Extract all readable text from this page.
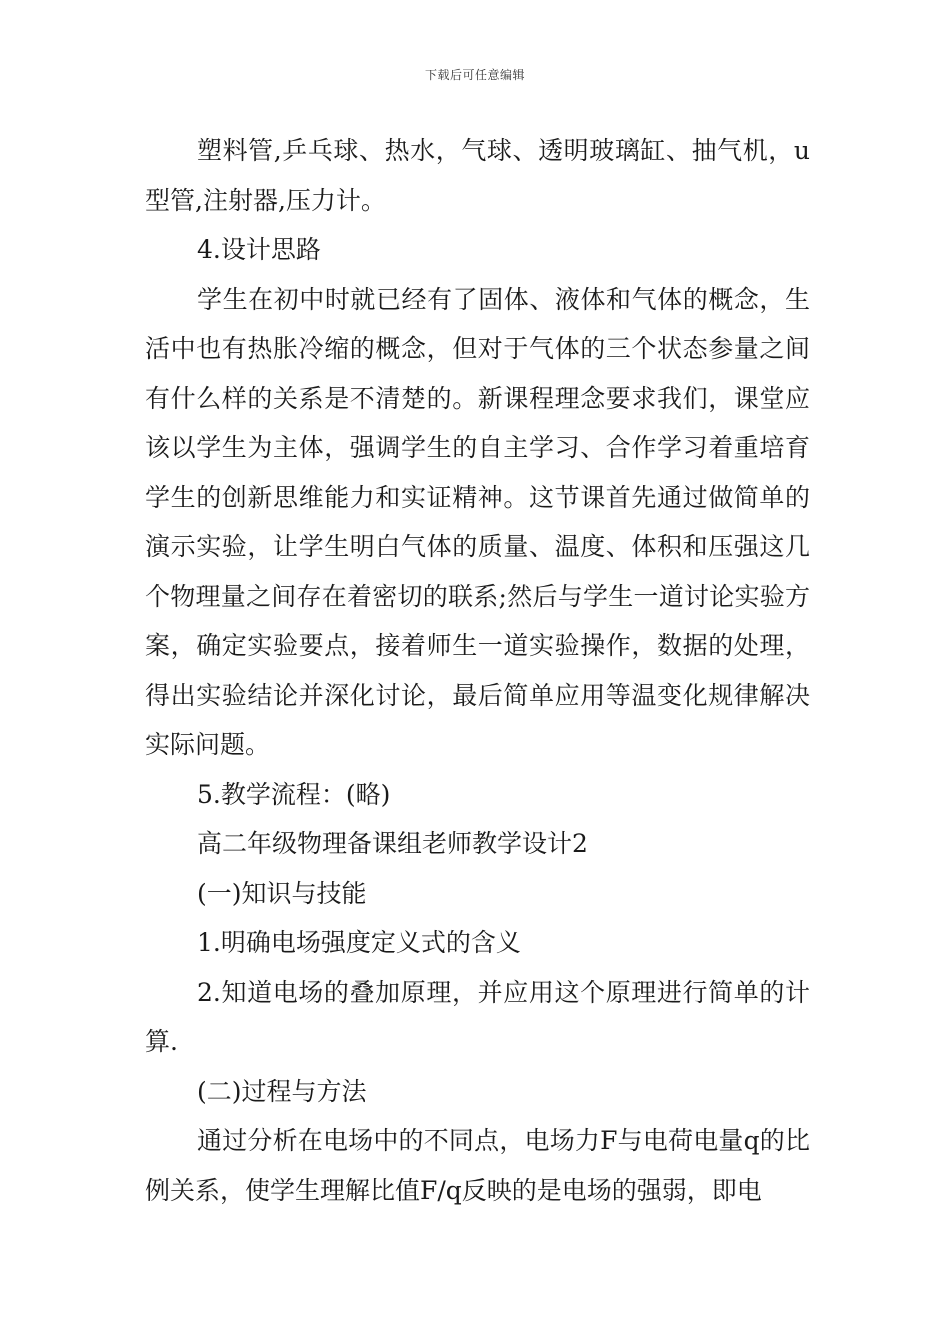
下载后可任意编辑

塑料管,乒乓球、热水，气球、透明玻璃缸、抽气机，u型管,注射器,压力计。

4.设计思路

学生在初中时就已经有了固体、液体和气体的概念，生活中也有热胀冷缩的概念，但对于气体的三个状态参量之间有什么样的关系是不清楚的。新课程理念要求我们，课堂应该以学生为主体，强调学生的自主学习、合作学习着重培育学生的创新思维能力和实证精神。这节课首先通过做简单的演示实验，让学生明白气体的质量、温度、体积和压强这几个物理量之间存在着密切的联系;然后与学生一道讨论实验方案，确定实验要点，接着师生一道实验操作，数据的处理，得出实验结论并深化讨论，最后简单应用等温变化规律解决实际问题。

5.教学流程：(略)

高二年级物理备课组老师教学设计2

(一)知识与技能

1.明确电场强度定义式的含义

2.知道电场的叠加原理，并应用这个原理进行简单的计算.

(二)过程与方法

通过分析在电场中的不同点，电场力F与电荷电量q的比例关系，使学生理解比值F/q反映的是电场的强弱，即电
